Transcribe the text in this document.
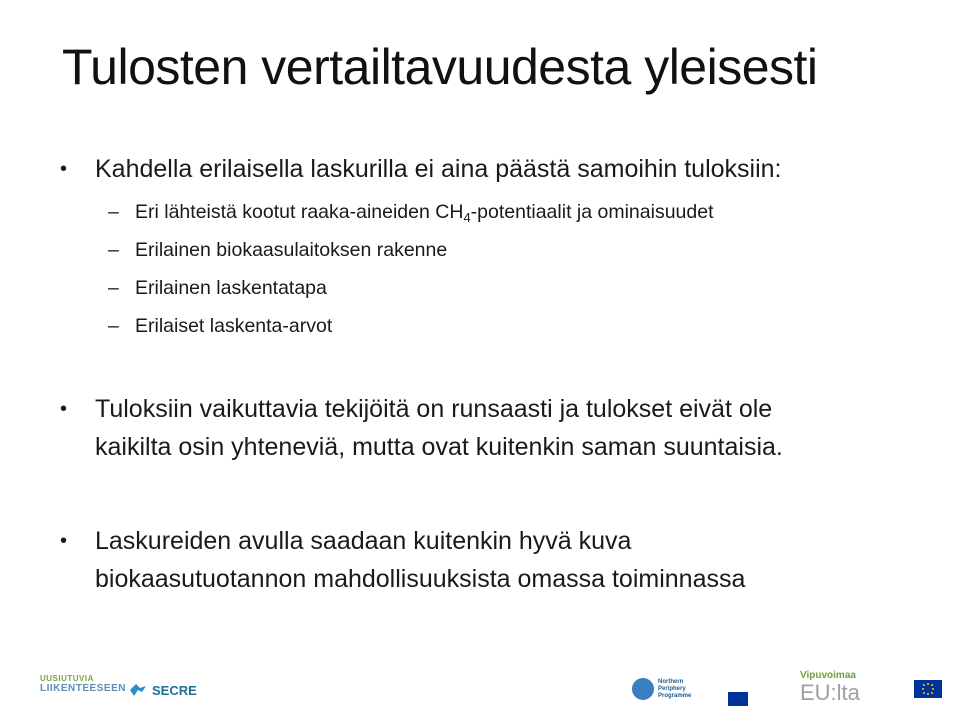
Tulosten vertailtavuudesta yleisesti
• Kahdella erilaisella laskurilla ei aina päästä samoihin tuloksiin:
– Eri lähteistä kootut raaka-aineiden $CH_4$-potentiaalit ja ominaisuudet
– Erilainen biokaasulaitoksen rakenne
– Erilainen laskentatapa
– Erilaiset laskenta-arvot
• Tuloksiin vaikuttavia tekijöitä on runsaasti ja tulokset eivät ole
kaikilta osin yhteneviä, mutta ovat kuitenkin saman suuntaisia.
• Laskureiden avulla saadaan kuitenkin hyvä kuva
biokaasutuotannon mahdollisuuksista omassa toiminnassa
UUSIUTUVIA
LIIKENTEESEEN SECRE
Northern
Periphery
Programme
Vipuvoimaa
EU:lta
